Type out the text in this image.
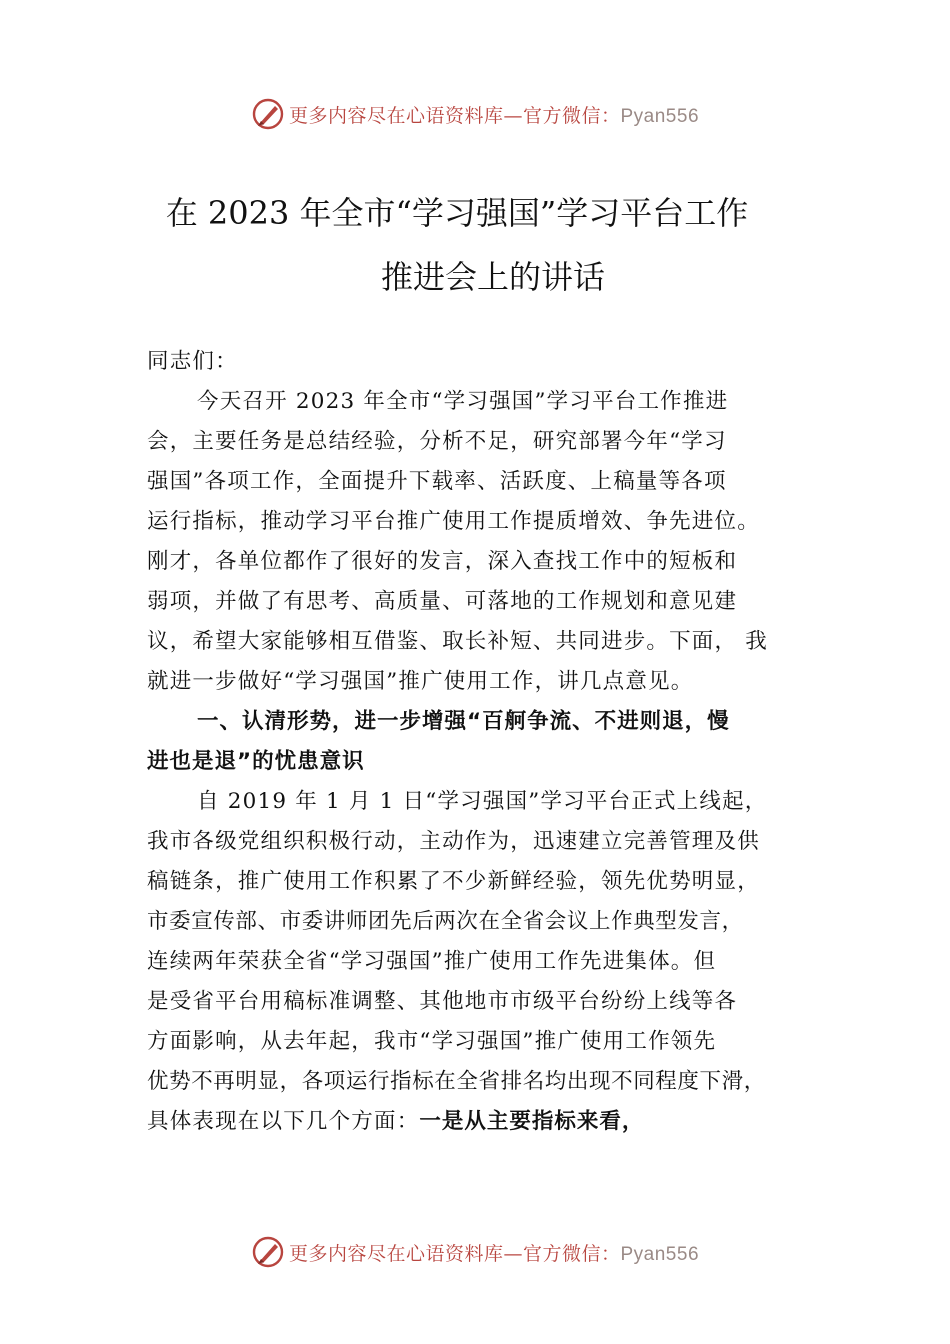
更多内容尽在心语资料库—官方微信：Pyan556
在 2023 年全市“学习强国”学习平台工作
推进会上的讲话
同志们：
今天召开 2023 年全市“学习强国”学习平台工作推进
会，主要任务是总结经验，分析不足，研究部署今年“学习
强国”各项工作，全面提升下载率、活跃度、上稿量等各项
运行指标，推动学习平台推广使用工作提质增效、争先进位。
刚才，各单位都作了很好的发言，深入查找工作中的短板和
弱项，并做了有思考、高质量、可落地的工作规划和意见建
议，希望大家能够相互借鉴、取长补短、共同进步。下面， 我
就进一步做好“学习强国”推广使用工作，讲几点意见。
一、认清形势，进一步增强“百舸争流、不进则退，慢
进也是退”的忧患意识
自 2019 年 1 月 1 日“学习强国”学习平台正式上线起，
我市各级党组织积极行动，主动作为，迅速建立完善管理及供
稿链条，推广使用工作积累了不少新鲜经验，领先优势明显，
市委宣传部、市委讲师团先后两次在全省会议上作典型发言，
连续两年荣获全省“学习强国”推广使用工作先进集体。但
是受省平台用稿标准调整、其他地市市级平台纷纷上线等各
方面影响，从去年起，我市“学习强国”推广使用工作领先
优势不再明显，各项运行指标在全省排名均出现不同程度下滑，
具体表现在以下几个方面：一是从主要指标来看，
更多内容尽在心语资料库—官方微信：Pyan556
